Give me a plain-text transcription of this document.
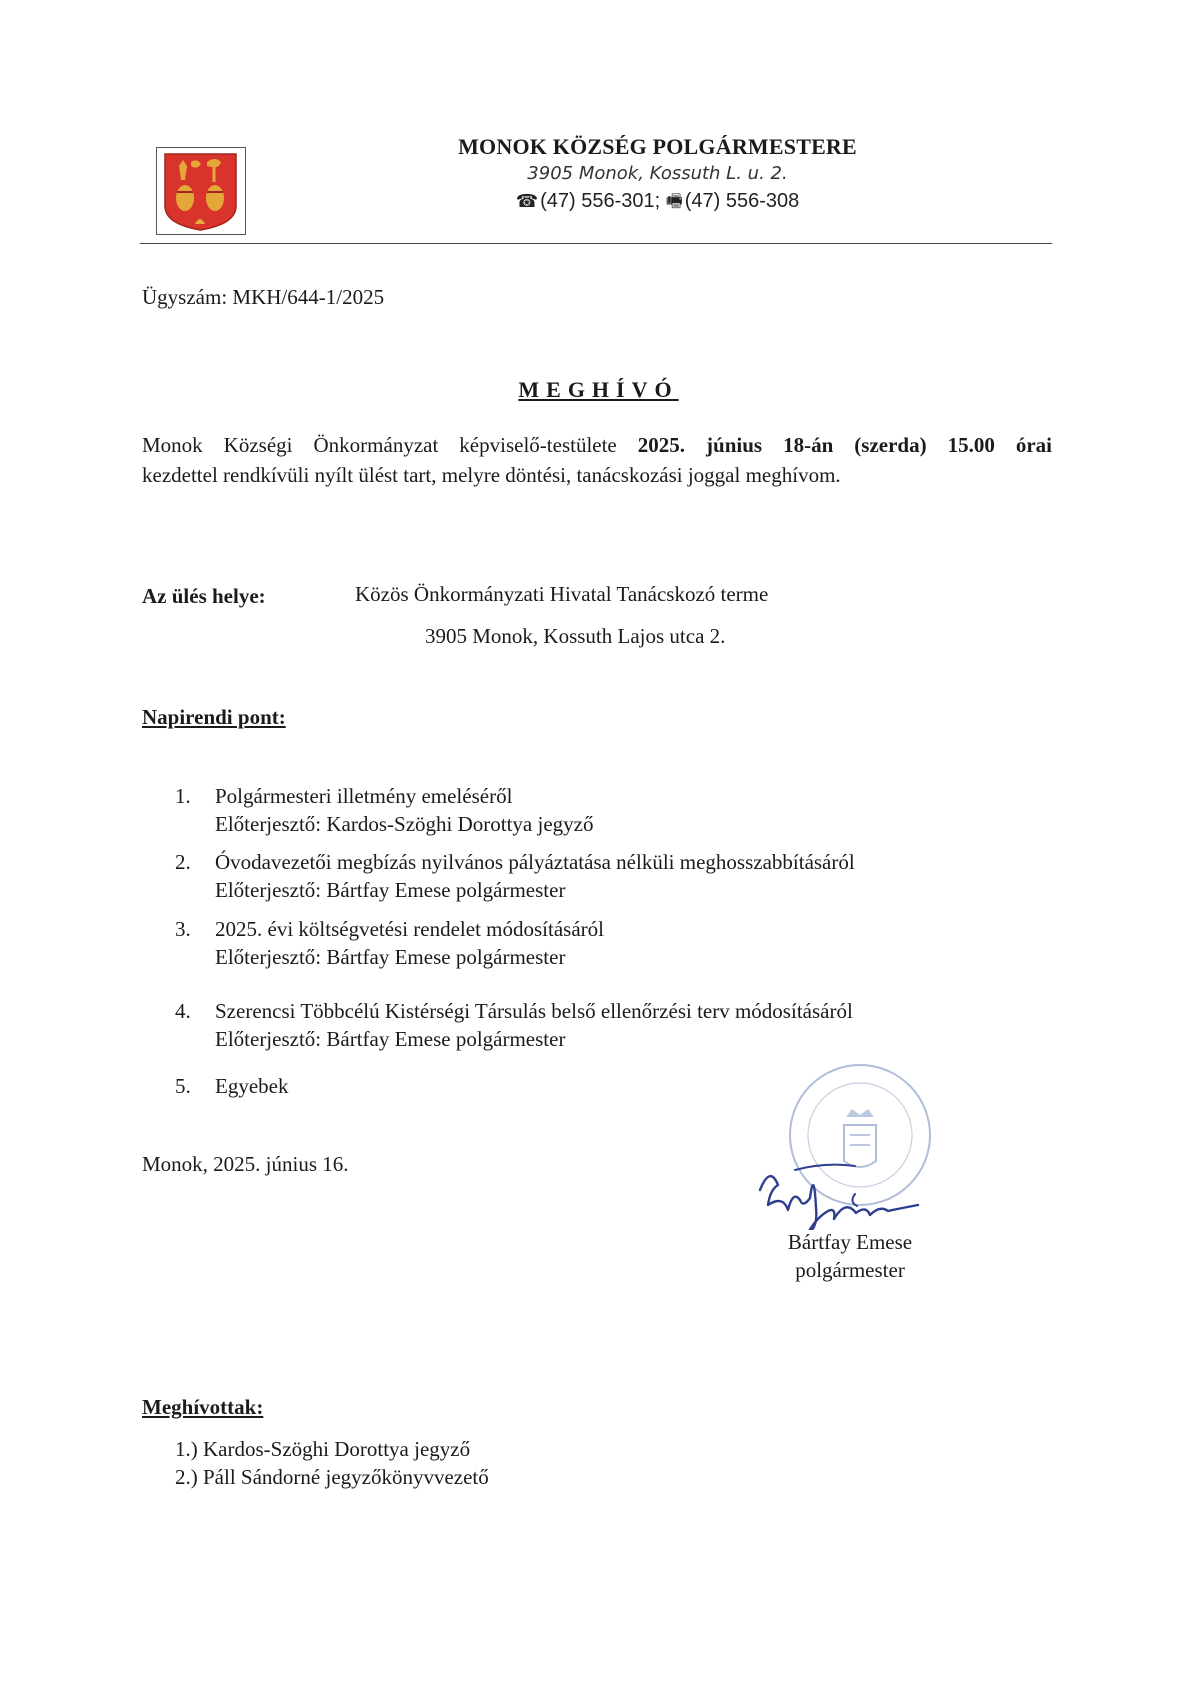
MONOK KÖZSÉG POLGÁRMESTERE
3905 Monok, Kossuth L. u. 2.
☎ (47) 556-301; 🖷 (47) 556-308
Ügyszám: MKH/644-1/2025
MEGHÍVÓ
Monok Községi Önkormányzat képviselő-testülete 2025. június 18-án (szerda) 15.00 órai
kezdettel rendkívüli nyílt ülést tart, melyre döntési, tanácskozási joggal meghívom.
Az ülés helye:	Közös Önkormányzati Hivatal Tanácskozó terme
3905 Monok, Kossuth Lajos utca 2.
Napirendi pont:
1. Polgármesteri illetmény emeléséről
Előterjesztő: Kardos-Szöghi Dorottya jegyző
2. Óvodavezetői megbízás nyilvános pályáztatása nélküli meghosszabbításáról
Előterjesztő: Bártfay Emese polgármester
3. 2025. évi költségvetési rendelet módosításáról
Előterjesztő: Bártfay Emese polgármester
4. Szerencsi Többcélú Kistérségi Társulás belső ellenőrzési terv módosításáról
Előterjesztő: Bártfay Emese polgármester
5. Egyebek
Monok, 2025. június 16.
Bártfay Emese
polgármester
Meghívottak:
1.) Kardos-Szöghi Dorottya jegyző
2.) Páll Sándorné jegyzőkönyvvezető
